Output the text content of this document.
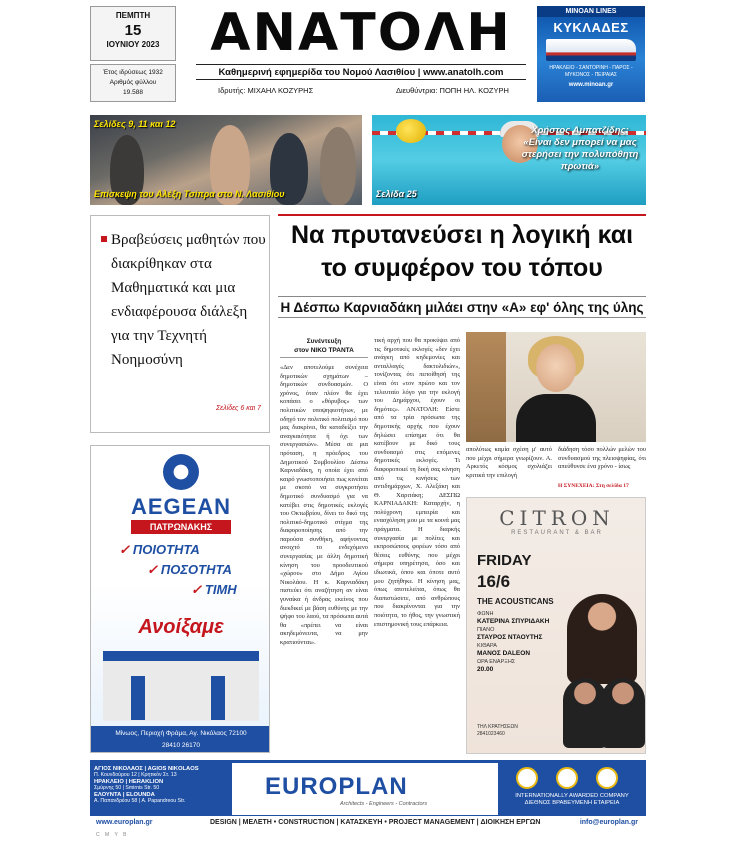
ΠΕΜΠΤΗ
15
ΙΟΥΝΙΟΥ 2023
Έτος ιδρύσεως 1932
Αριθμός φύλλου
19.588
ΑΝΑΤΟΛΗ
Καθημερινή εφημερίδα του Νομού Λασιθίου | www.anatolh.com
Ιδρυτής: ΜΙΧΑΗΛ ΚΟΖΥΡΗΣ	Διευθύντρια: ΠΟΠΗ ΗΛ. ΚΟΖΥΡΗ
MINOAN LINES
ΚΥΚΛΑΔΕΣ
ΗΡΑΚΛΕΙΟ - ΣΑΝΤΟΡΙΝΗ - ΠΑΡΟΣ - ΜΥΚΟΝΟΣ - ΠΕΙΡΑΙΑΣ
www.minoan.gr
Σελίδες 9, 11 και 12
Επίσκεψη του Αλέξη Τσίπρα στο Ν. Λασιθίου
Χρήστος Αμπατζίδης: «Είναι δεν μπορεί να μας στερήσει την πολυπόθητη πρωτιά»
Σελίδα 25
Βραβεύσεις μαθητών που διακρίθηκαν στα Μαθηματικά και μια ενδιαφέρουσα διάλεξη για την Τεχνητή Νοημοσύνη
Σελίδες 6 και 7
Να πρυτανεύσει η λογική και το συμφέρον του τόπου
Η Δέσπω Καρνιαδάκη μιλάει στην «Α» εφ' όλης της ύλης
Συνέντευξη
στον ΝΙΚΟ ΤΡΑΝΤΑ
«Δεν αποτελούμε συνέχεια δημοτικών σχημάτων – δημοτικών συνδυασμών. Ο χρόνος, όταν πλέον θα έχει κοπάσει ο «θόρυβος» των πολιτικών υποψηφιοτήτων, με οδηγό τον πολιτικό πολιτισμό που μας διακρίνει, θα καταδείξει την αναγκαιότητα ή όχι των συνεργασιών». Μέσα σε μια πρόταση, η πρόεδρος του Δημοτικού Συμβουλίου Δέσπω Καρνιαδάκη, η οποία έχει από καιρό γνωστοποιήσει πως κινείται με σκοπό να συγκροτήσει δημοτικό συνδυασμό για να κατέβει στις δημοτικές εκλογές του Οκτωβρίου, δίνει το δικό της πολιτικό-δημοτικό στίγμα της διαφοροποίησης από την παρούσα συνθήκη, αφήνοντας ανοιχτό το ενδεχόμενο συνεργασίας με άλλη δημοτική κίνηση του προοδευτικού «χώρου» στο Δήμο Αγίου Νικολάου. Η κ. Καρνιαδάκη πιστεύει ότι αναζήτηση αν είναι γυναίκα ή άνδρας εκείνος που διεκδικεί με βάση ευθύνης με την ψήφο του λαού, τα πρόσωπα αυτά θα «πρέπει να είναι ακηδεμόνευτα, να μην κρατιούνται».
τική αρχή που θα προκύψει από τις δημοτικές εκλογές «δεν έχει ανάγκη από κηδεμονίες και ανταλλαγές δακτυλιδιών», τονίζοντας ότι πεποίθησή της είναι ότι «τον πρώτο και τον τελευταίο λόγο για την εκλογή του Δημάρχου, έχουν οι δημότες». ΑΝΑΤΟΛΗ: Είστε από τα τρία πρόσωπα της δημοτικής αρχής που έχουν δηλώσει επίσημα ότι θα κατέβουν με δικό τους συνδυασμό στις επόμενες δημοτικές εκλογές. Τι διαφοροποιεί τη δική σας κίνηση από τις κινήσεις των αντιδημάρχων, Χ. Αλεξάκη και Θ. Χαριτάκη; ΔΕΣΠΩ ΚΑΡΝΙΑΔΑΚΗ: Καταρχήν, η πολύχρονη εμπειρία και ενασχόληση μου με τα κοινά μας πράγματα. Η διαρκής συνεργασία με πολίτες και εκπροσώπους φορέων τόσο από θέσεις ευθύνης που μέχρι σήμερα υπηρέτησα, όσο και ιδιωτικά, όπου και όποτε αυτό μου ζητήθηκε. Η κίνηση μας, όπως αποτελείται, όπως θα διαπιστώσετε, από ανθρώπους που διακρίνονται για την ποιότητα, το ήθος, την γνωστική επιστημονική τους επάρκεια.
απολύτως καμία σχέση μ' αυτό που μέχρι σήμερα γνωρίζουν. Α. Αρκετός κόσμος σχολιάζει κριτικά την επιλογή
διάδηση τόσο πολλών μελών του συνδυασμού της πλειοψηφίας, ότι απεύθυνσε ένα χρόνο - ίσως
Η ΣΥΝΕΧΕΙΑ: Στη σελίδα 17
AEGEAN
ΠΑΤΡΩΝΑΚΗΣ
✓ ΠΟΙΟΤΗΤΑ
✓ ΠΟΣΟΤΗΤΑ
✓ ΤΙΜΗ
Ανοίξαμε
Μίνωος, Περιοχή Φράμα, Αγ. Νικόλαος 72100
28410 26170
CITRON
RESTAURANT & BAR
FRIDAY
16/6
THE ACOUSTICANS
ΦΩΝΗ
ΚΑΤΕΡΙΝΑ ΣΠΥΡΙΔΑΚΗ
ΠΙΑΝΟ
ΣΤΑΥΡΟΣ ΝΤΑΟΥΤΗΣ
ΚΙΘΑΡΑ
ΜΑΝΟΣ DALEON
ΩΡΑ ΕΝΑΡΞΗΣ
20.00
ΤΗΛ ΚΡΑΤΗΣΕΩΝ
2841023460
ΑΓΙΟΣ ΝΙΚΟΛΑΟΣ | AGIOS NIKOLAOS
Π. Κουνδούρου 12 | Κρητικόν Στ. 13
ΗΡΑΚΛΕΙΟ | HERAKLION
Σμύρνης 50 | Smirnis Str. 50
ΕΛΟΥΝΤΑ | ELOUNDA
Α. Παπανδρέου 58 | A. Papandreou Str.
EUROPLAN
Architects - Engineers - Contractors
INTERNATIONALLY AWARDED COMPANY
ΔΙΕΘΝΩΣ ΒΡΑΒΕΥΜΕΝΗ ΕΤΑΙΡΕΙΑ
www.europlan.gr	DESIGN | ΜΕΛΕΤΗ • CONSTRUCTION | ΚΑΤΑΣΚΕΥΗ • PROJECT MANAGEMENT | ΔΙΟΙΚΗΣΗ ΕΡΓΩΝ	info@europlan.gr
C M Y B
